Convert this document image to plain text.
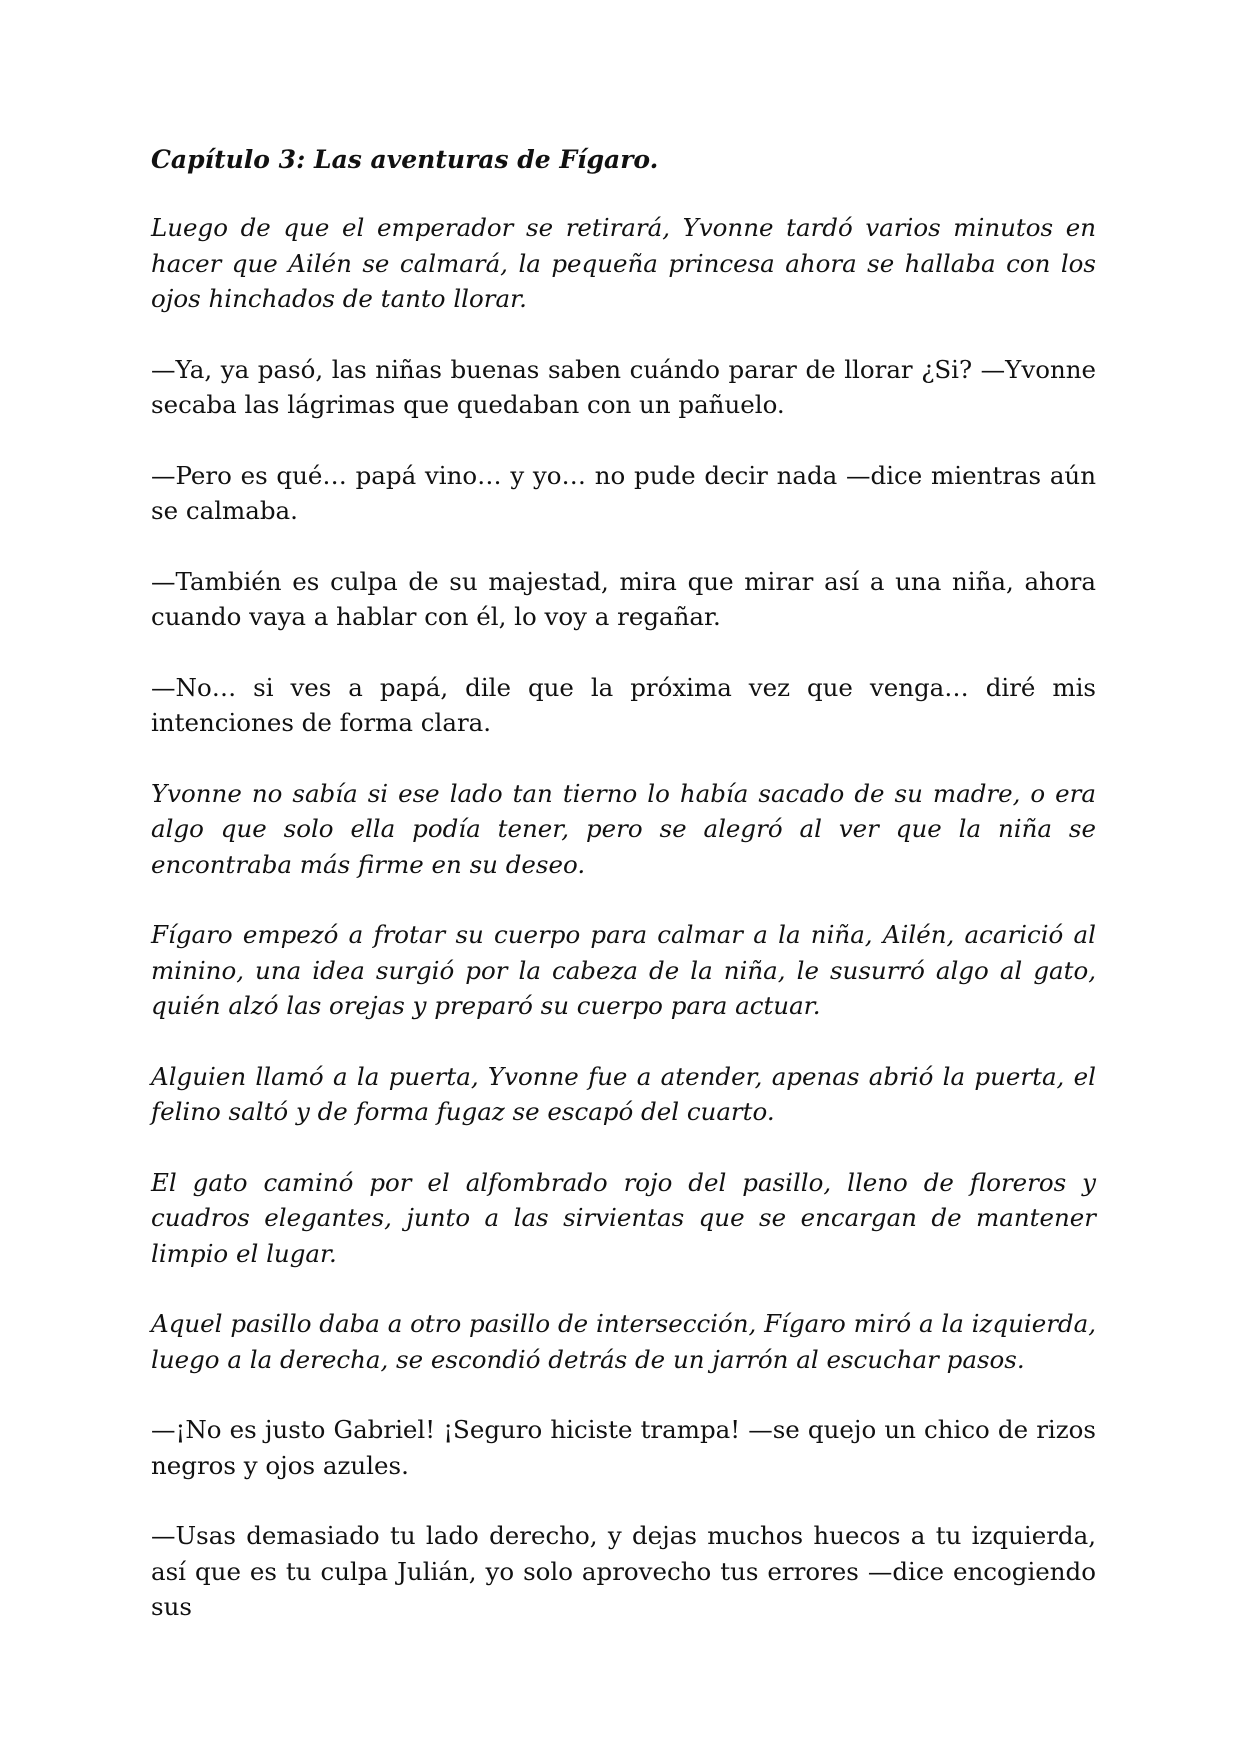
Capítulo 3: Las aventuras de Fígaro.

Luego de que el emperador se retirará, Yvonne tardó varios minutos en hacer que Ailén se calmará, la pequeña princesa ahora se hallaba con los ojos hinchados de tanto llorar.

—Ya, ya pasó, las niñas buenas saben cuándo parar de llorar ¿Si? —Yvonne secaba las lágrimas que quedaban con un pañuelo.

—Pero es qué… papá vino… y yo… no pude decir nada —dice mientras aún se calmaba.

—También es culpa de su majestad, mira que mirar así a una niña, ahora cuando vaya a hablar con él, lo voy a regañar.

—No… si ves a papá, dile que la próxima vez que venga… diré mis intenciones de forma clara.

Yvonne no sabía si ese lado tan tierno lo había sacado de su madre, o era algo que solo ella podía tener, pero se alegró al ver que la niña se encontraba más firme en su deseo.

Fígaro empezó a frotar su cuerpo para calmar a la niña, Ailén, acarició al minino, una idea surgió por la cabeza de la niña, le susurró algo al gato, quién alzó las orejas y preparó su cuerpo para actuar.

Alguien llamó a la puerta, Yvonne fue a atender, apenas abrió la puerta, el felino saltó y de forma fugaz se escapó del cuarto.

El gato caminó por el alfombrado rojo del pasillo, lleno de floreros y cuadros elegantes, junto a las sirvientas que se encargan de mantener limpio el lugar.

Aquel pasillo daba a otro pasillo de intersección, Fígaro miró a la izquierda, luego a la derecha, se escondió detrás de un jarrón al escuchar pasos.

—¡No es justo Gabriel! ¡Seguro hiciste trampa! —se quejo un chico de rizos negros y ojos azules.

—Usas demasiado tu lado derecho, y dejas muchos huecos a tu izquierda, así que es tu culpa Julián, yo solo aprovecho tus errores —dice encogiendo sus
